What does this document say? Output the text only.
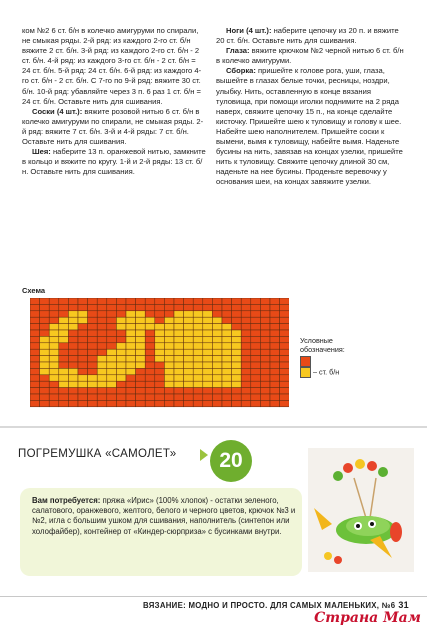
ком №2 6 ст. б/н в колечко амигуруми по спирали, не смыкая ряды. 2-й ряд: из каждого 2-го ст. б/н вяжите 2 ст. б/н. 3-й ряд: из каждого 2-го ст. б/н - 2 ст. б/н. 4-й ряд: из каждого 3-го ст. б/н - 2 ст. б/н = 24 ст. б/н. 5-й ряд: 24 ст. б/н. 6-й ряд: из каждого 4-го ст. б/н - 2 ст. б/н. С 7-го по 9-й ряд: вяжите 30 ст. б/н. 10-й ряд: убавляйте через 3 п. 6 раз 1 ст. б/н = 24 ст. б/н. Оставьте нить для сшивания.

Соски (4 шт.): вяжите розовой нитью 6 ст. б/н в колечко амигуруми по спирали, не смыкая ряды. 2-й ряд: вяжите 7 ст. б/н. 3-й и 4-й ряды: 7 ст. б/н. Оставьте нить для сшивания.

Шея: наберите 13 п. оранжевой нитью, замкните в кольцо и вяжите по кругу. 1-й и 2-й ряды: 13 ст. б/н. Оставьте нить для сшивания.

Ноги (4 шт.): наберите цепочку из 20 п. и вяжите 20 ст. б/н. Оставьте нить для сшивания.

Глаза: вяжите крючком №2 черной нитью 6 ст. б/н в колечко амигуруми.

Сборка: пришейте к голове рога, уши, глаза, вышейте в глазах белые точки, ресницы, ноздри, улыбку. Нить, оставленную в конце вязания туловища, при помощи иголки поднимите на 2 ряда наверх, свяжите цепочку 15 п., на конце сделайте кисточку. Пришейте шею к туловищу и голову к шее. Набейте шею наполнителем. Пришейте соски к вымени, вымя к туловищу, набейте вымя. Наденьте бусины на нить, завязав на концах узелки, пришейте нить к туловищу. Свяжите цепочку длиной 30 см, наденьте на нее бусины. Проденьте веревочку у основания шеи, на концах завяжите узелки.

Схема
Условные
обозначения:
– ст. б/н
ПОГРЕМУШКА «САМОЛЕТ»	20
Вам потребуется: пряжа «Ирис» (100% хлопок) - остатки зеленого, салатового, оранжевого, желтого, белого и черного цветов, крючок №3 и №2, игла с большим ушком для сшивания, наполнитель (синтепон или холофайбер), контейнер от «Киндер-сюрприза» с бусинками внутри.
ВЯЗАНИЕ: МОДНО И ПРОСТО. ДЛЯ САМЫХ МАЛЕНЬКИХ, №6 31
Страна Мам
